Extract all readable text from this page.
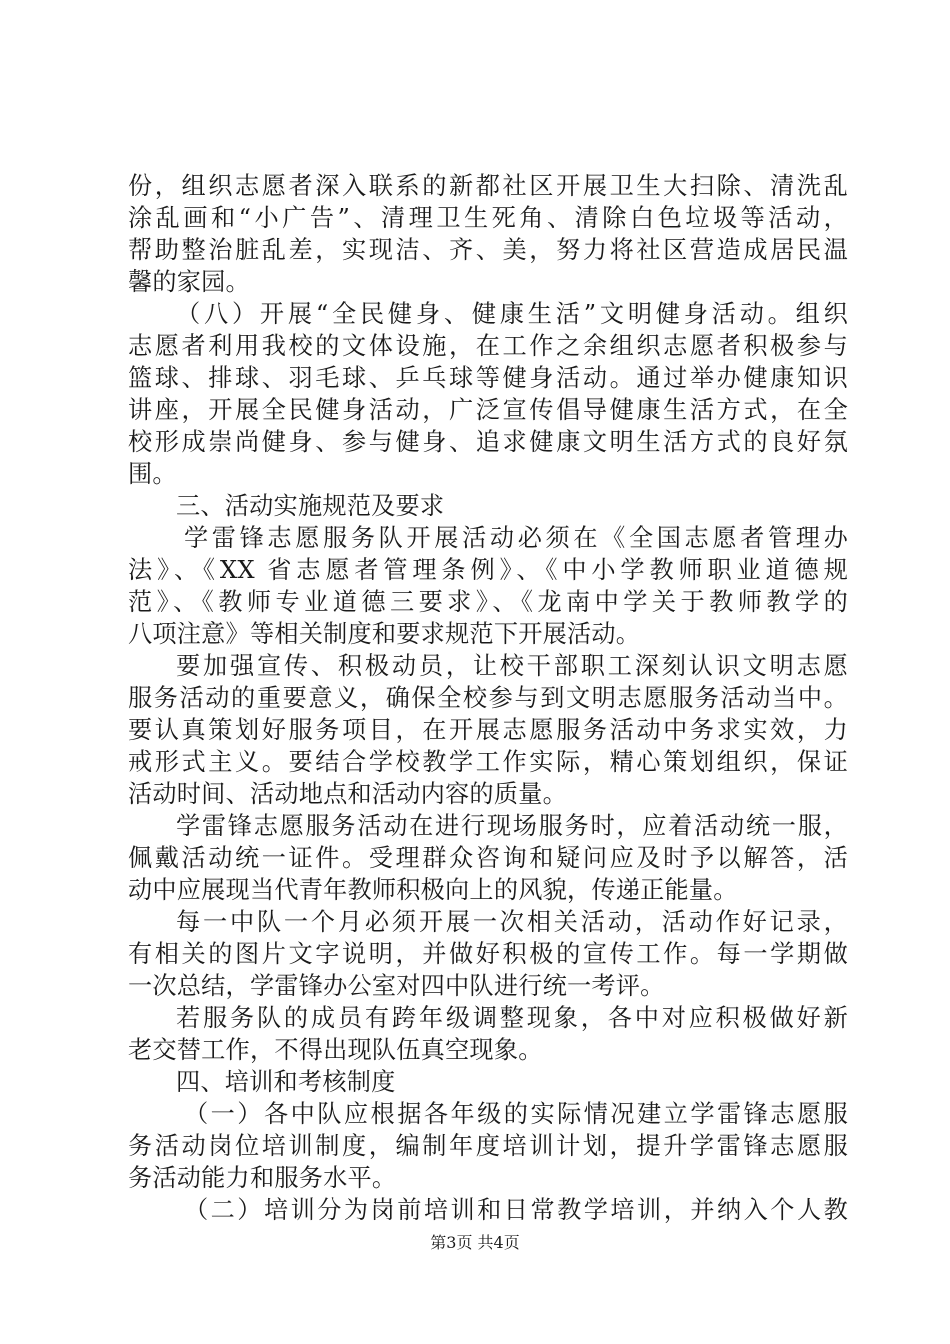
份，组织志愿者深入联系的新都社区开展卫生大扫除、清洗乱
涂乱画和“小广告”、清理卫生死角、清除白色垃圾等活动，
帮助整治脏乱差，实现洁、齐、美，努力将社区营造成居民温
馨的家园。
（八）开展“全民健身、健康生活”文明健身活动。组织
志愿者利用我校的文体设施，在工作之余组织志愿者积极参与
篮球、排球、羽毛球、乒乓球等健身活动。通过举办健康知识
讲座，开展全民健身活动，广泛宣传倡导健康生活方式，在全
校形成崇尚健身、参与健身、追求健康文明生活方式的良好氛
围。
三、活动实施规范及要求
学雷锋志愿服务队开展活动必须在《全国志愿者管理办
法》、《XX 省志愿者管理条例》、《中小学教师职业道德规
范》、《教师专业道德三要求》、《龙南中学关于教师教学的
八项注意》等相关制度和要求规范下开展活动。
要加强宣传、积极动员，让校干部职工深刻认识文明志愿
服务活动的重要意义，确保全校参与到文明志愿服务活动当中。
要认真策划好服务项目，在开展志愿服务活动中务求实效，力
戒形式主义。要结合学校教学工作实际，精心策划组织，保证
活动时间、活动地点和活动内容的质量。
学雷锋志愿服务活动在进行现场服务时，应着活动统一服，
佩戴活动统一证件。受理群众咨询和疑问应及时予以解答，活
动中应展现当代青年教师积极向上的风貌，传递正能量。
每一中队一个月必须开展一次相关活动，活动作好记录，
有相关的图片文字说明，并做好积极的宣传工作。每一学期做
一次总结，学雷锋办公室对四中队进行统一考评。
若服务队的成员有跨年级调整现象，各中对应积极做好新
老交替工作，不得出现队伍真空现象。
四、培训和考核制度
（一）各中队应根据各年级的实际情况建立学雷锋志愿服
务活动岗位培训制度，编制年度培训计划，提升学雷锋志愿服
务活动能力和服务水平。
（二）培训分为岗前培训和日常教学培训，并纳入个人教
第3页 共4页
